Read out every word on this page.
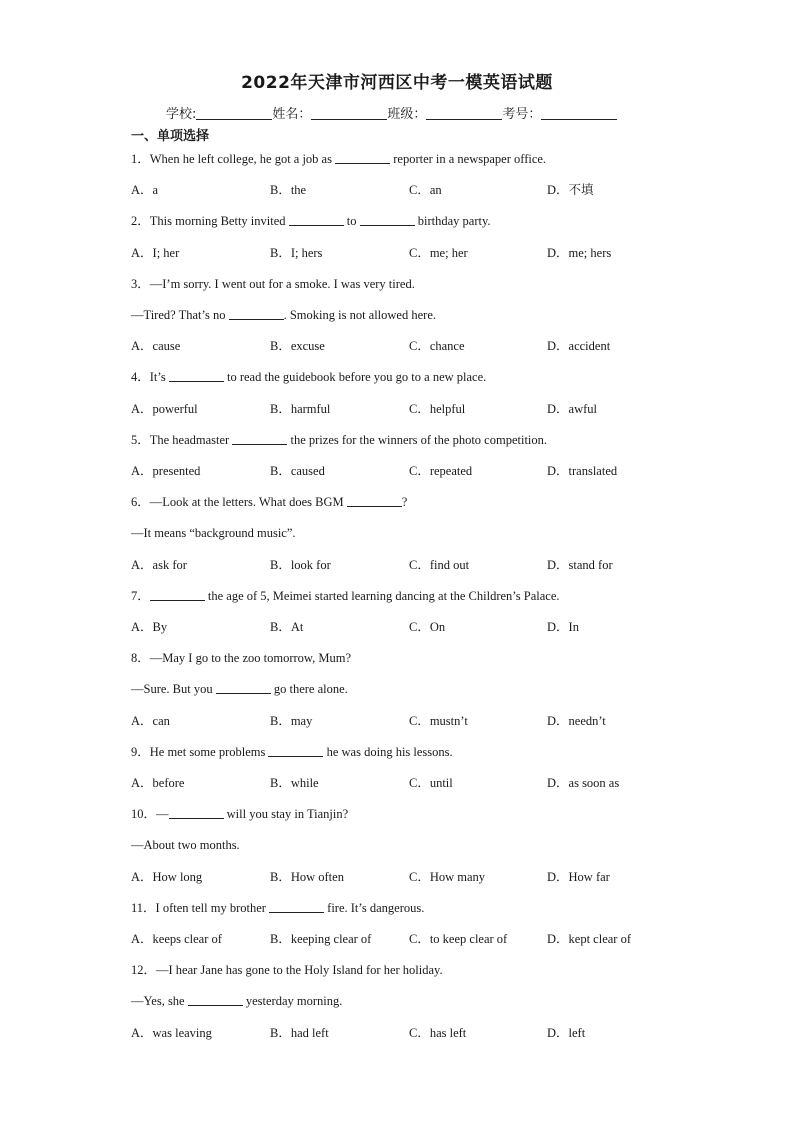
2022年天津市河西区中考一模英语试题
学校:	姓名：	班级：	考号：
一、单项选择
1．When he left college, he got a job as	reporter in a newspaper office.
A．a	B．the	C．an	D．不填
2．This morning Betty invited	to	birthday party.
A．I; her	B．I; hers	C．me; her	D．me; hers
3．—I’m sorry. I went out for a smoke. I was very tired.
—Tired? That’s no	. Smoking is not allowed here.
A．cause	B．excuse	C．chance	D．accident
4．It’s	to read the guidebook before you go to a new place.
A．powerful	B．harmful	C．helpful	D．awful
5．The headmaster	the prizes for the winners of the photo competition.
A．presented	B．caused	C．repeated	D．translated
6．—Look at the letters. What does BGM	?
—It means “background music”.
A．ask for	B．look for	C．find out	D．stand for
7．	the age of 5, Meimei started learning dancing at the Children’s Palace.
A．By	B．At	C．On	D．In
8．—May I go to the zoo tomorrow, Mum?
—Sure. But you	go there alone.
A．can	B．may	C．mustn’t	D．needn’t
9．He met some problems	he was doing his lessons.
A．before	B．while	C．until	D．as soon as
10．—	will you stay in Tianjin?
—About two months.
A．How long	B．How often	C．How many	D．How far
11．I often tell my brother	fire. It’s dangerous.
A．keeps clear of	B．keeping clear of	C．to keep clear of	D．kept clear of
12．—I hear Jane has gone to the Holy Island for her holiday.
—Yes, she	yesterday morning.
A．was leaving	B．had left	C．has left	D．left
